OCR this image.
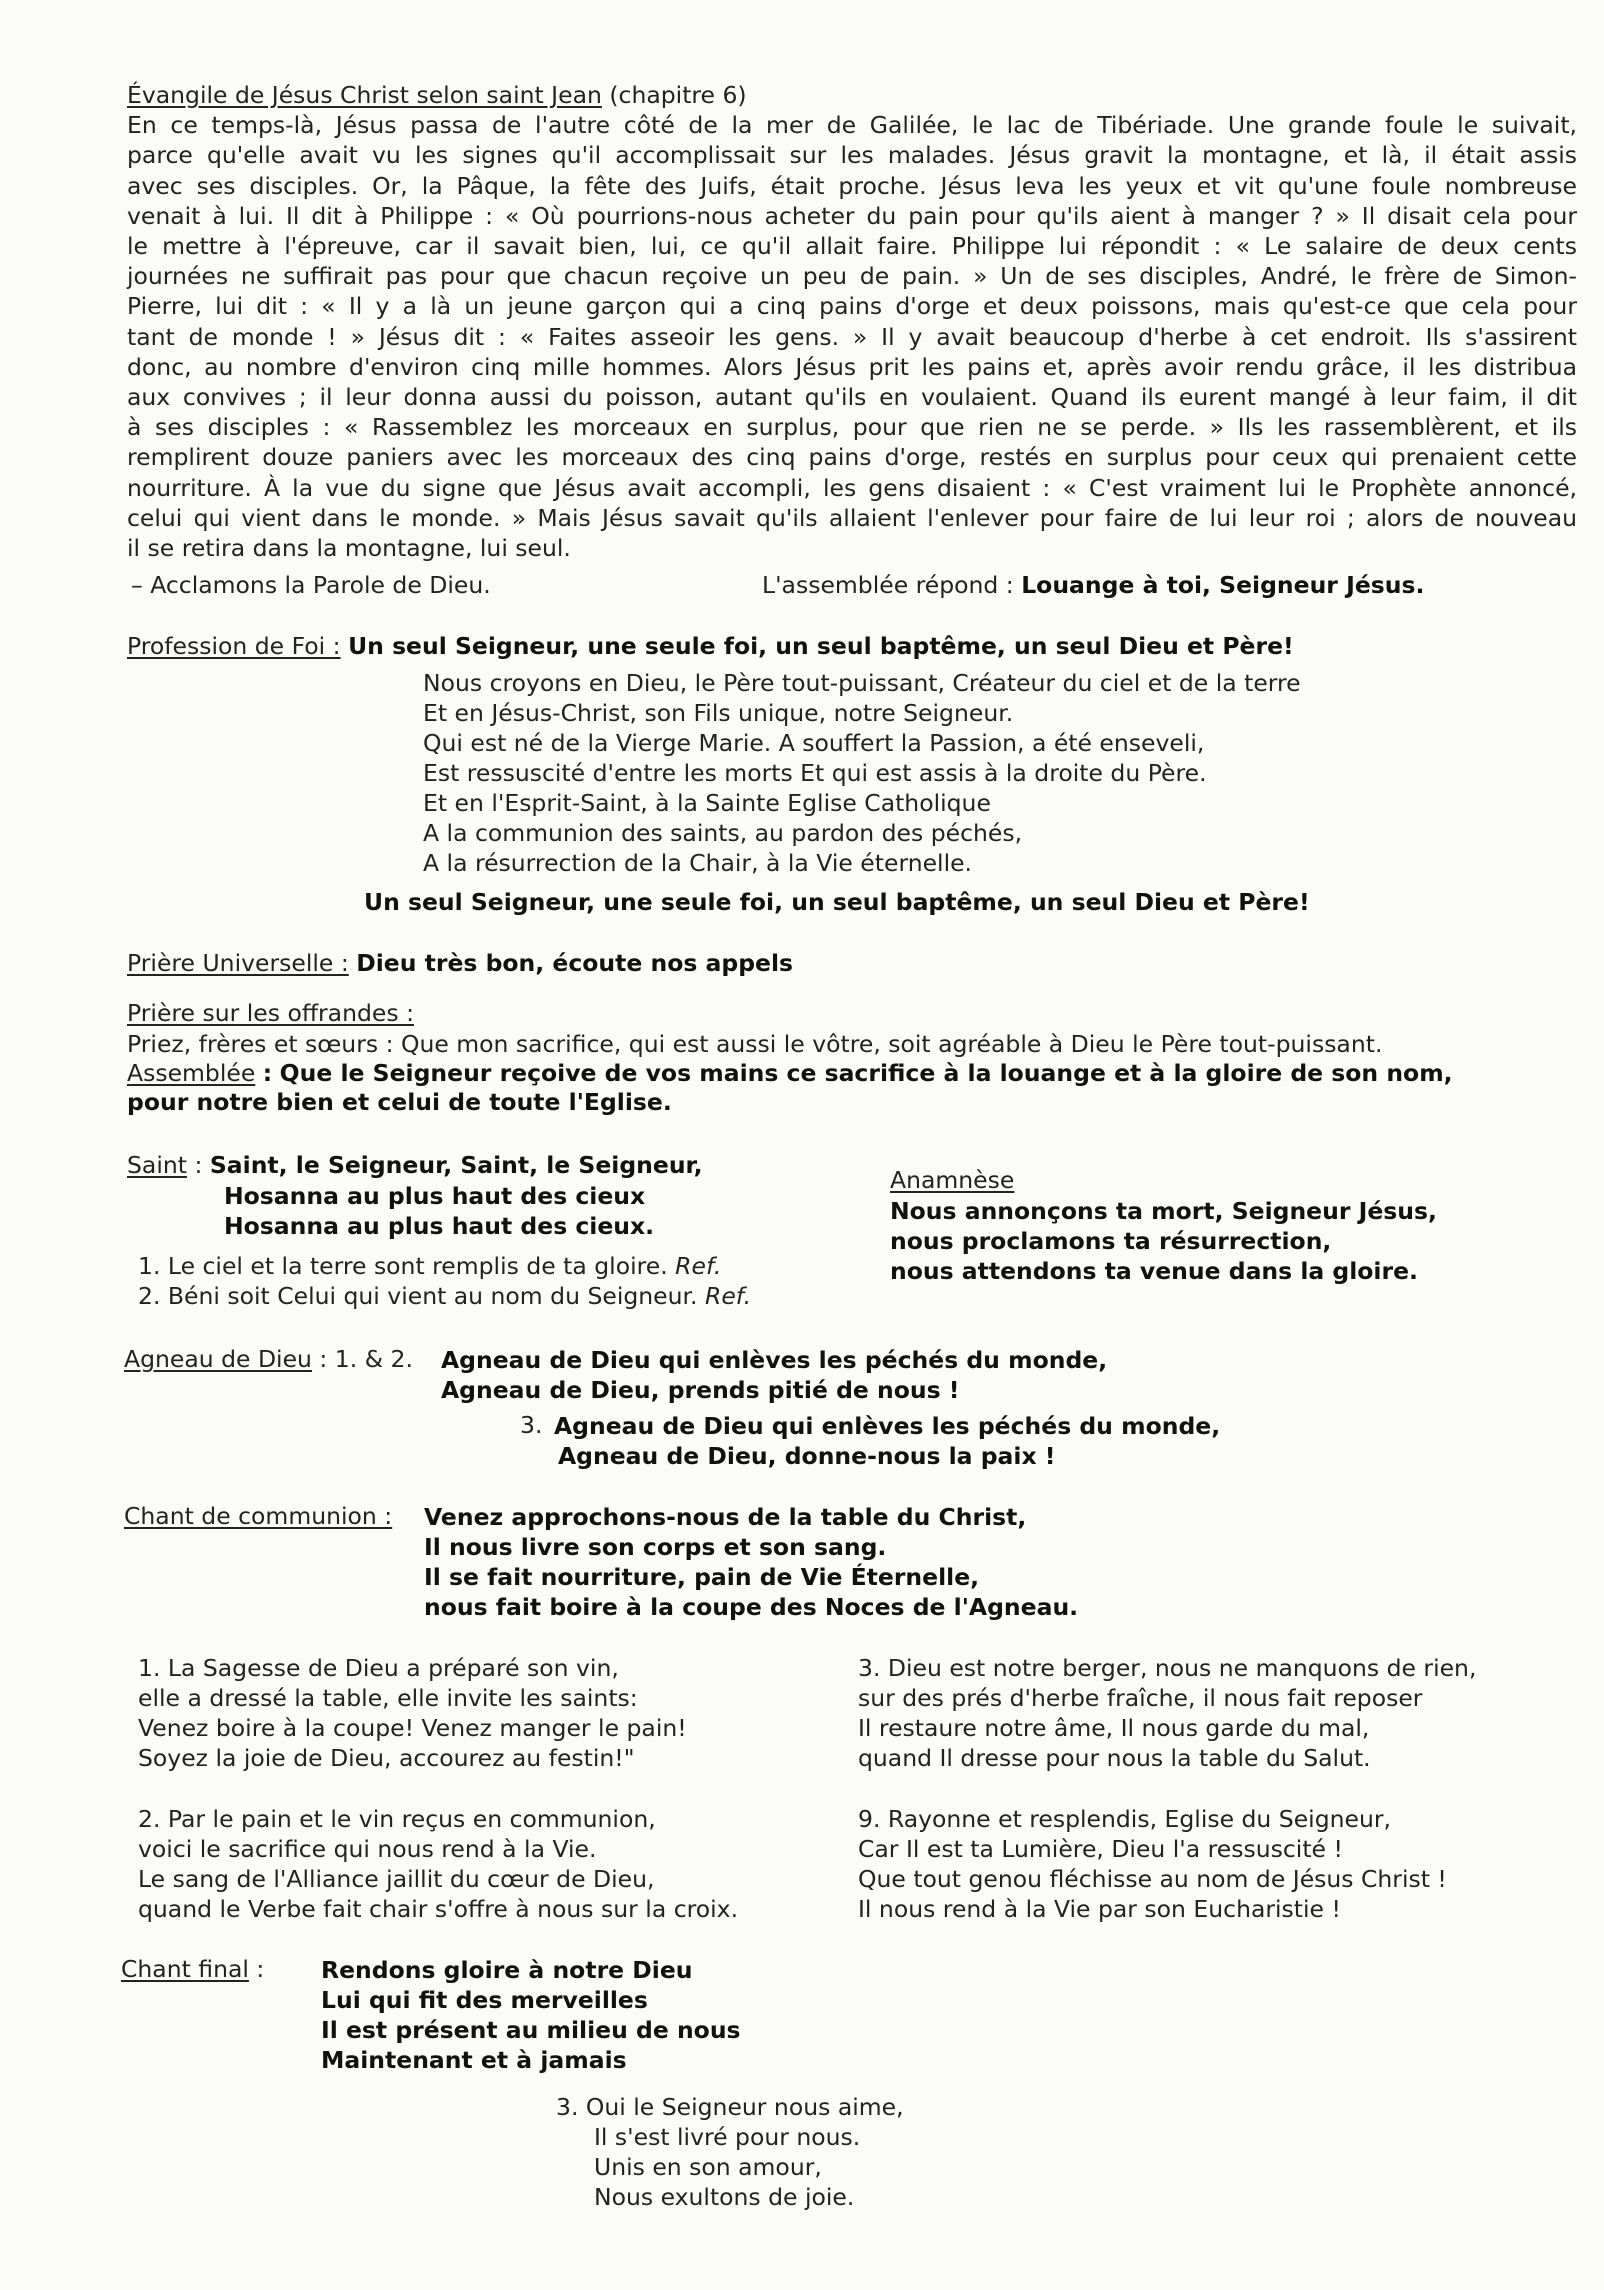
Évangile de Jésus Christ selon saint Jean (chapitre 6)
En ce temps-là, Jésus passa de l'autre côté de la mer de Galilée, le lac de Tibériade. Une grande foule le suivait,
parce qu'elle avait vu les signes qu'il accomplissait sur les malades. Jésus gravit la montagne, et là, il était assis
avec ses disciples. Or, la Pâque, la fête des Juifs, était proche. Jésus leva les yeux et vit qu'une foule nombreuse
venait à lui. Il dit à Philippe : « Où pourrions-nous acheter du pain pour qu'ils aient à manger ? » Il disait cela pour
le mettre à l'épreuve, car il savait bien, lui, ce qu'il allait faire. Philippe lui répondit : « Le salaire de deux cents
journées ne suffirait pas pour que chacun reçoive un peu de pain. » Un de ses disciples, André, le frère de Simon-
Pierre, lui dit : « Il y a là un jeune garçon qui a cinq pains d'orge et deux poissons, mais qu'est-ce que cela pour
tant de monde ! » Jésus dit : « Faites asseoir les gens. » Il y avait beaucoup d'herbe à cet endroit. Ils s'assirent
donc, au nombre d'environ cinq mille hommes. Alors Jésus prit les pains et, après avoir rendu grâce, il les distribua
aux convives ; il leur donna aussi du poisson, autant qu'ils en voulaient. Quand ils eurent mangé à leur faim, il dit
à ses disciples : « Rassemblez les morceaux en surplus, pour que rien ne se perde. » Ils les rassemblèrent, et ils
remplirent douze paniers avec les morceaux des cinq pains d'orge, restés en surplus pour ceux qui prenaient cette
nourriture. À la vue du signe que Jésus avait accompli, les gens disaient : « C'est vraiment lui le Prophète annoncé,
celui qui vient dans le monde. » Mais Jésus savait qu'ils allaient l'enlever pour faire de lui leur roi ; alors de nouveau
il se retira dans la montagne, lui seul.
– Acclamons la Parole de Dieu.	L'assemblée répond : Louange à toi, Seigneur Jésus.
Profession de Foi : Un seul Seigneur, une seule foi, un seul baptême, un seul Dieu et Père!
Nous croyons en Dieu, le Père tout-puissant, Créateur du ciel et de la terre
Et en Jésus-Christ, son Fils unique, notre Seigneur.
Qui est né de la Vierge Marie. A souffert la Passion, a été enseveli,
Est ressuscité d'entre les morts Et qui est assis à la droite du Père.
Et en l'Esprit-Saint, à la Sainte Eglise Catholique
A la communion des saints, au pardon des péchés,
A la résurrection de la Chair, à la Vie éternelle.
Un seul Seigneur, une seule foi, un seul baptême, un seul Dieu et Père!
Prière Universelle : Dieu très bon, écoute nos appels
Prière sur les offrandes :
Priez, frères et sœurs : Que mon sacrifice, qui est aussi le vôtre, soit agréable à Dieu le Père tout-puissant.
Assemblée : Que le Seigneur reçoive de vos mains ce sacrifice à la louange et à la gloire de son nom,
pour notre bien et celui de toute l'Eglise.
Saint : Saint, le Seigneur, Saint, le Seigneur,
Hosanna au plus haut des cieux
Hosanna au plus haut des cieux.
1. Le ciel et la terre sont remplis de ta gloire. Ref.
2. Béni soit Celui qui vient au nom du Seigneur. Ref.
Anamnèse
Nous annonçons ta mort, Seigneur Jésus,
nous proclamons ta résurrection,
nous attendons ta venue dans la gloire.
Agneau de Dieu : 1. & 2. Agneau de Dieu qui enlèves les péchés du monde,
Agneau de Dieu, prends pitié de nous !
3. Agneau de Dieu qui enlèves les péchés du monde,
Agneau de Dieu, donne-nous la paix !
Chant de communion : Venez approchons-nous de la table du Christ,
Il nous livre son corps et son sang.
Il se fait nourriture, pain de Vie Éternelle,
nous fait boire à la coupe des Noces de l'Agneau.
1. La Sagesse de Dieu a préparé son vin,
elle a dressé la table, elle invite les saints:
Venez boire à la coupe! Venez manger le pain!
Soyez la joie de Dieu, accourez au festin!"
2. Par le pain et le vin reçus en communion,
voici le sacrifice qui nous rend à la Vie.
Le sang de l'Alliance jaillit du cœur de Dieu,
quand le Verbe fait chair s'offre à nous sur la croix.
3. Dieu est notre berger, nous ne manquons de rien,
sur des prés d'herbe fraîche, il nous fait reposer
Il restaure notre âme, Il nous garde du mal,
quand Il dresse pour nous la table du Salut.
9. Rayonne et resplendis, Eglise du Seigneur,
Car Il est ta Lumière, Dieu l'a ressuscité !
Que tout genou fléchisse au nom de Jésus Christ !
Il nous rend à la Vie par son Eucharistie !
Chant final : Rendons gloire à notre Dieu
Lui qui fit des merveilles
Il est présent au milieu de nous
Maintenant et à jamais
3. Oui le Seigneur nous aime,
Il s'est livré pour nous.
Unis en son amour,
Nous exultons de joie.
